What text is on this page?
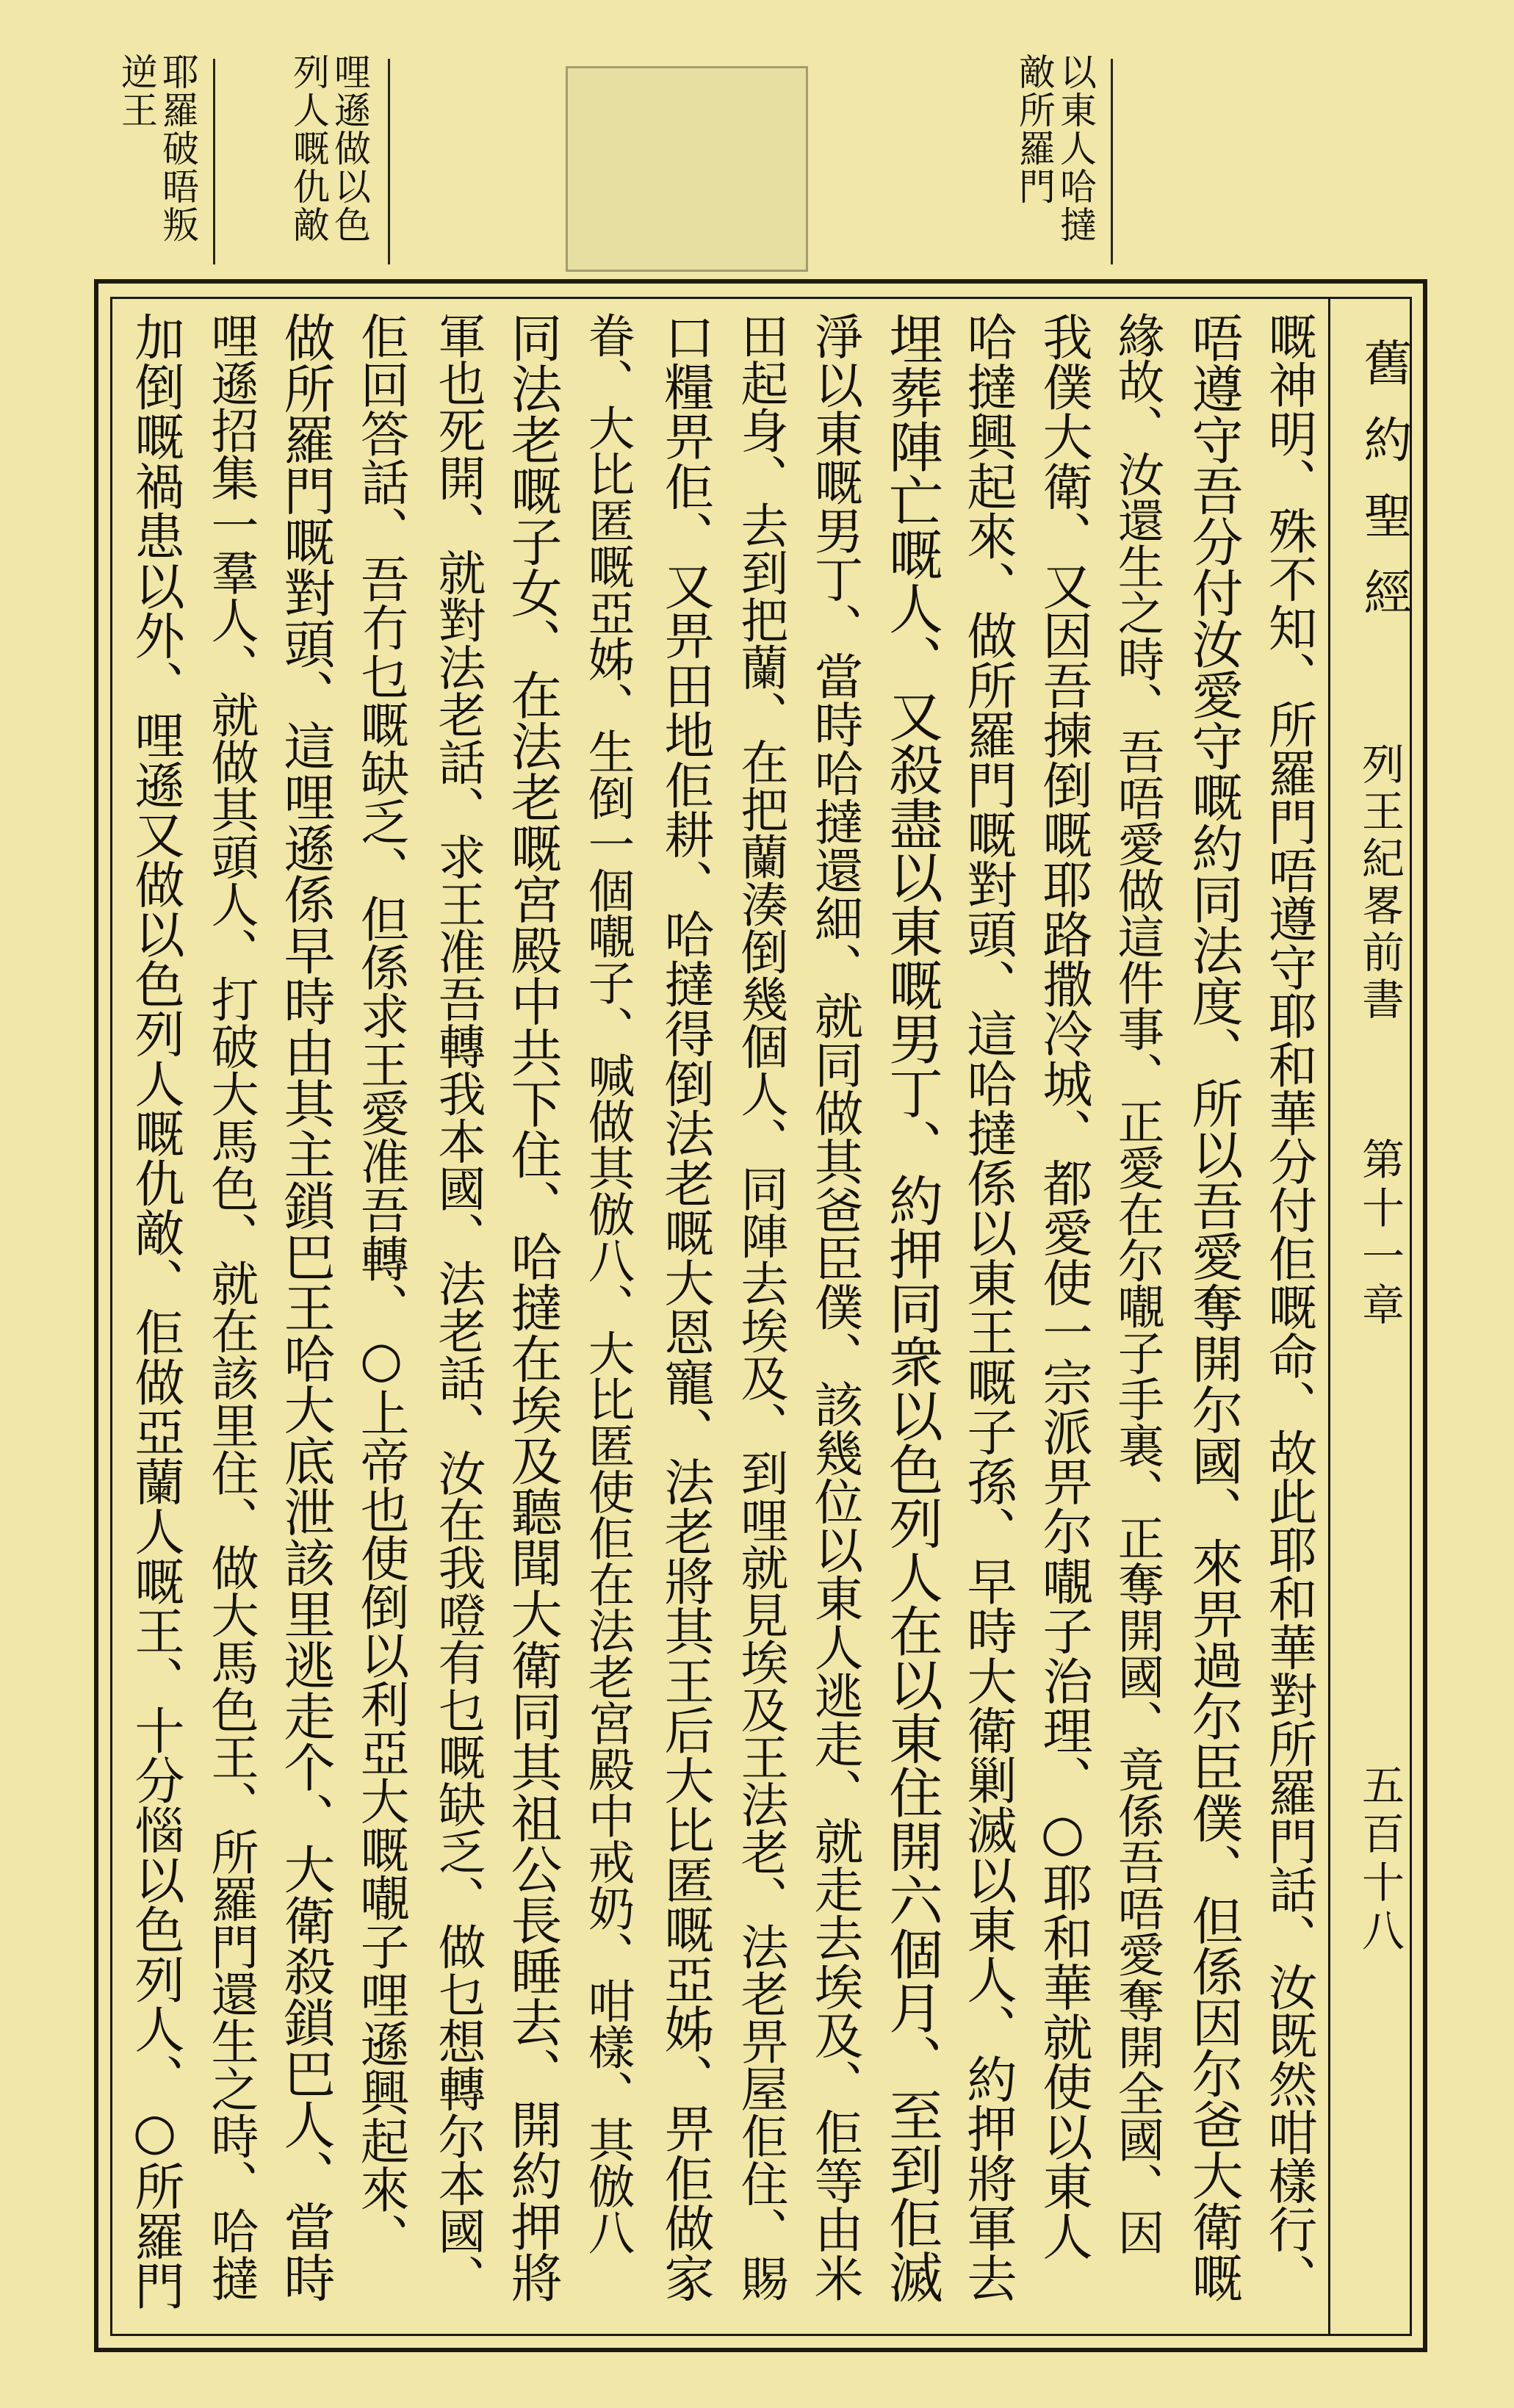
以東人哈撻敵所羅門
哩遜做以色列人嘅仇敵
耶羅破晤叛逆王
舊約聖經
列王紀畧前書
第十一章
五百十八
嘅神明、殊不知、所羅門唔遵守耶和華分付佢嘅命、故此耶和華對所羅門話、汝既然咁樣行、
唔遵守吾分付汝愛守嘅約同法度、所以吾愛奪開尔國、來畀過尔臣僕、但係因尔爸大衛嘅
緣故、汝還生之時、吾唔愛做這件事、正愛在尔𡃁子手裏、正奪開國、竟係吾唔愛奪開全國、因
我僕大衛、又因吾揀倒嘅耶路撒冷城、都愛使一宗派畀尔𡃁子治理、○耶和華就使以東人
哈撻興起來、做所羅門嘅對頭、這哈撻係以東王嘅子孫、早時大衛剿滅以東人、約押將軍去
埋葬陣亡嘅人、又殺盡以東嘅男丁、約押同衆以色列人在以東住開六個月、至到佢滅
淨以東嘅男丁、當時哈撻還細、就同做其爸臣僕、該幾位以東人逃走、就走去埃及、佢等由米
田起身、去到把蘭、在把蘭湊倒幾個人、同陣去埃及、到哩就見埃及王法老、法老畀屋佢住、賜
口糧畀佢、又畀田地佢耕、哈撻得倒法老嘅大恩寵、法老將其王后大比匿嘅亞姊、畀佢做家
眷、大比匿嘅亞姊、生倒一個𡃁子、喊做其倣八、大比匿使佢在法老宮殿中戒奶、咁樣、其倣八
同法老嘅子女、在法老嘅宮殿中共下住、哈撻在埃及聽聞大衛同其祖公長睡去、開約押將
軍也死開、就對法老話、求王准吾轉我本國、法老話、汝在我噔有乜嘅缺乏、做乜想轉尔本國、
佢回答話、吾冇乜嘅缺乏、但係求王愛准吾轉、○上帝也使倒以利亞大嘅𡃁子哩遜興起來、
做所羅門嘅對頭、這哩遜係早時由其主鎖巴王哈大底泄該里逃走个、大衛殺鎖巴人、當時
哩遜招集一羣人、就做其頭人、打破大馬色、就在該里住、做大馬色王、所羅門還生之時、哈撻
加倒嘅禍患以外、哩遜又做以色列人嘅仇敵、佢做亞蘭人嘅王、十分惱以色列人、○所羅門
